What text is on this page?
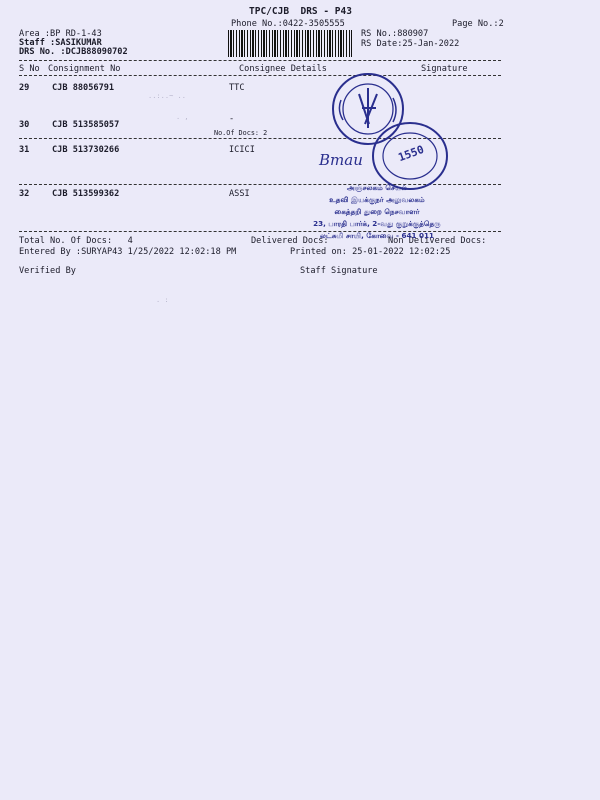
TPC/CJB  DRS - P43
Phone No.:0422-3505555	Page No.:2
Area :BP RD-1-43
Staff :SASIKUMAR
DRS No. :DCJB88090702
RS No.:880907
RS Date:25-Jan-2022
S No Consignment No	Consignee Details	Signature
29	CJB 88056791	TTC
30	CJB 513585057
-
No.Of Docs: 2
31	CJB 513730266	ICICI
32	CJB 513599362	ASSI
Total No. Of Docs:   4	Delivered Docs:	Non Delivered Docs:
Entered By :SURYAP43 1/25/2022 12:02:18 PM	Printed on: 25-01-2022 12:02:25
Verified By	Staff Signature
1550
Bmau
அஞ்சலகம் செயல்
உதவி இயக்குநர் அலுவலகம்
கைத்தறி துறை நெசவாளர்
23, பாரதி பார்க், 2-வது குறுக்குத்தெரு
லட்சுமி சாயி, கோவை - 641 011
..:..~ ..
. :
. ,
